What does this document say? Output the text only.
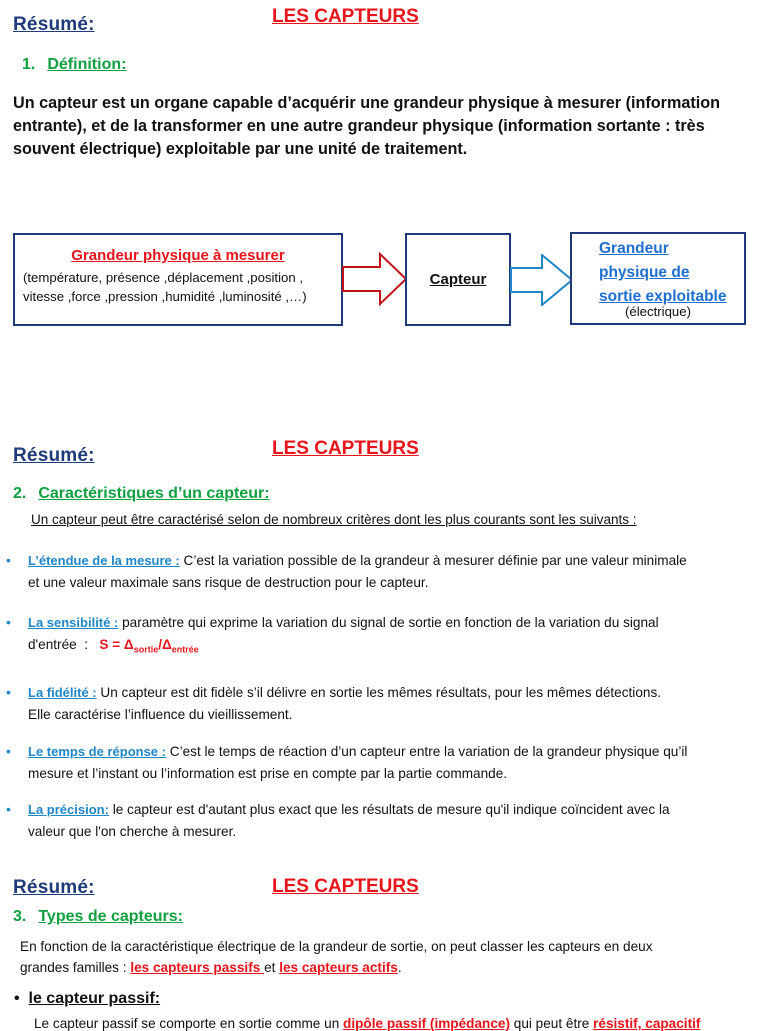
Résumé:	LES CAPTEURS
1. Définition:
Un capteur est un organe capable d’acquérir une grandeur physique à mesurer (information entrante), et de la transformer en une autre grandeur physique (information sortante : très souvent électrique) exploitable par une unité de traitement.
Grandeur physique à mesurer
(température, présence ,déplacement ,position ,
vitesse ,force ,pression ,humidité ,luminosité ,…)
Capteur
Grandeur
physique de
sortie exploitable
(électrique)
Résumé:	LES CAPTEURS
2. Caractéristiques d’un capteur:
Un capteur peut être caractérisé selon de nombreux critères dont les plus courants sont les suivants :
•	L’étendue de la mesure : C’est la variation possible de la grandeur à mesurer définie par une valeur minimale
et une valeur maximale sans risque de destruction pour le capteur.
•	La sensibilité : paramètre qui exprime la variation du signal de sortie en fonction de la variation du signal
d'entrée  :   $S = \Delta_{sortie}/\Delta_{entrée}$
•	La fidélité : Un capteur est dit fidèle s’il délivre en sortie les mêmes résultats, pour les mêmes détections.
Elle caractérise l’influence du vieillissement.
•	Le temps de réponse : C’est le temps de réaction d’un capteur entre la variation de la grandeur physique qu’il
mesure et l’instant ou l’information est prise en compte par la partie commande.
•	La précision: le capteur est d'autant plus exact que les résultats de mesure qu'il indique coïncident avec la
valeur que l'on cherche à mesurer.
Résumé:	LES CAPTEURS
3. Types de capteurs:
En fonction de la caractéristique électrique de la grandeur de sortie, on peut classer les capteurs en deux
grandes familles : les capteurs passifs et les capteurs actifs.
• le capteur passif:
Le capteur passif se comporte en sortie comme un dipôle passif (impédance) qui peut être résistif, capacitif
